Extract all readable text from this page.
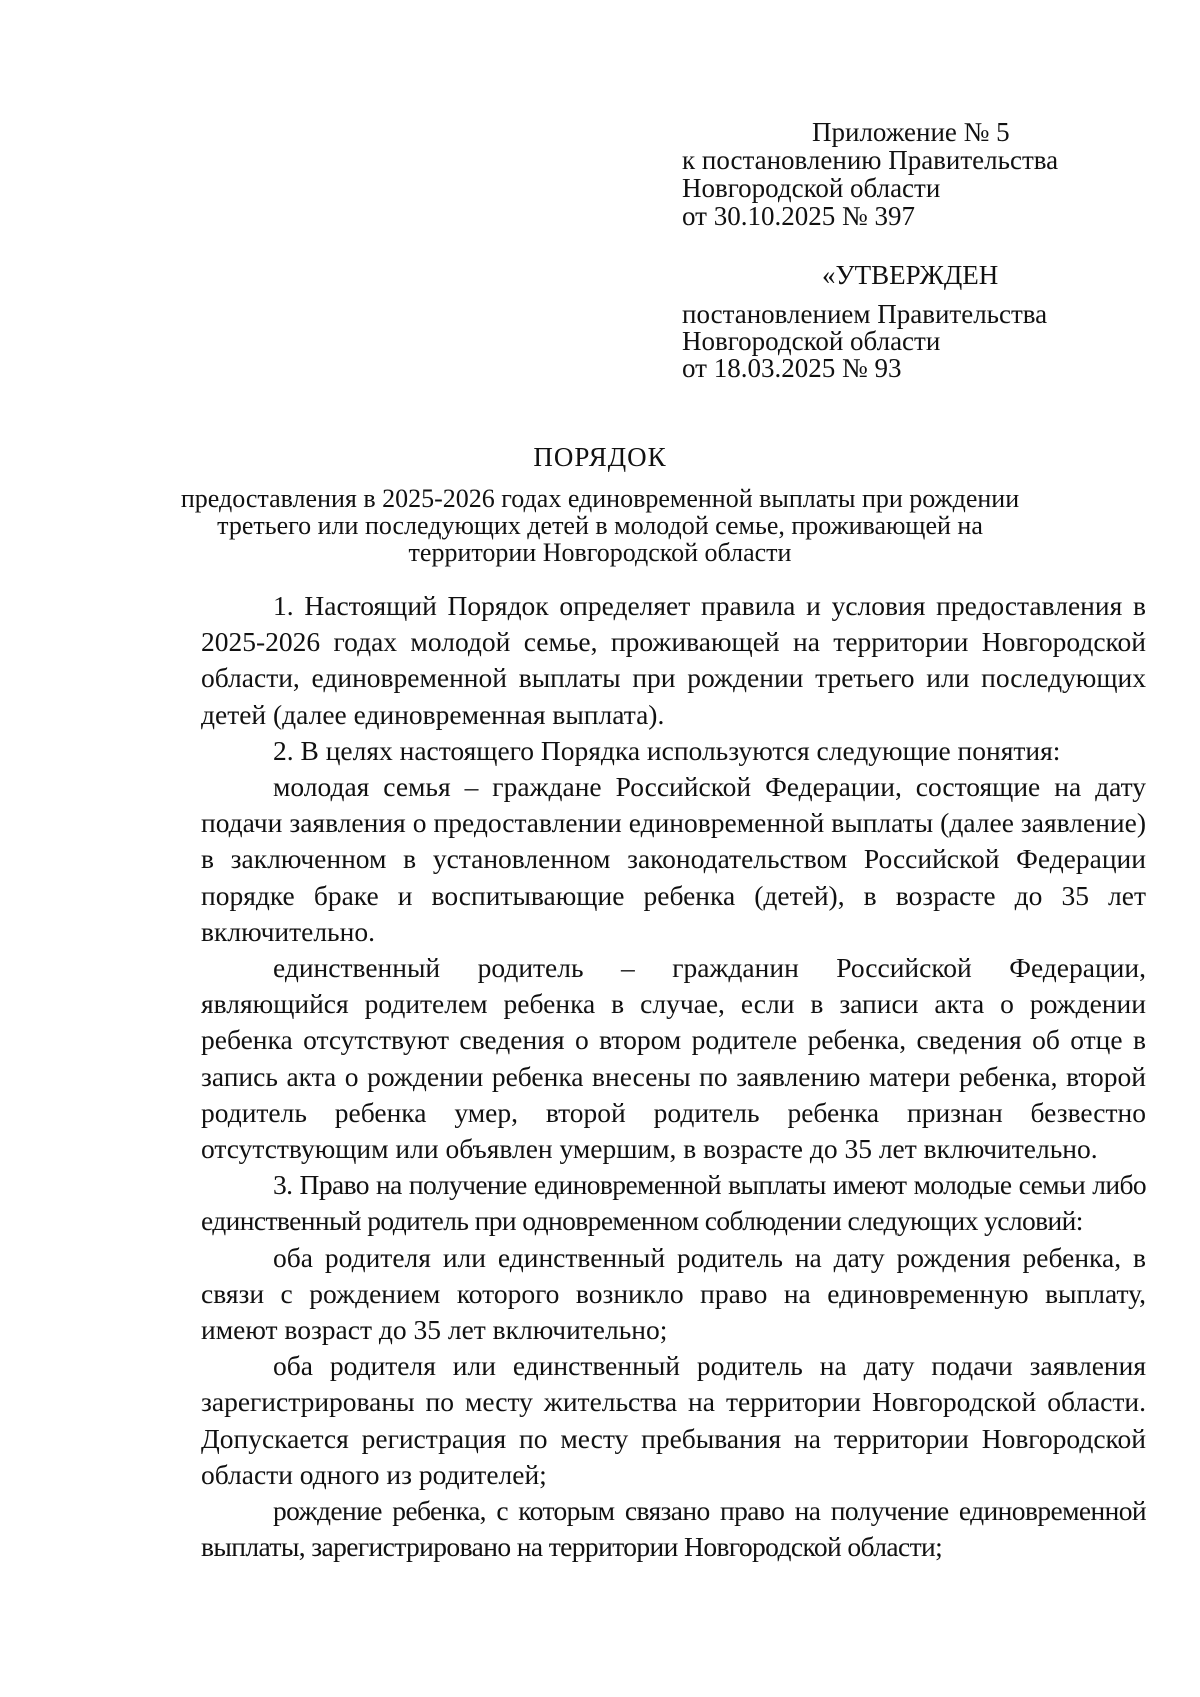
Приложение № 5
к постановлению Правительства
Новгородской области
от 30.10.2025 № 397
«УТВЕРЖДЕН
постановлением Правительства
Новгородской области
от 18.03.2025 № 93
ПОРЯДОК

предоставления в 2025-2026 годах единовременной выплаты при рождении
третьего или последующих детей в молодой семье, проживающей на
территории Новгородской области

1. Настоящий Порядок определяет правила и условия предоставления в 2025-2026 годах молодой семье, проживающей на территории Новгородской области, единовременной выплаты при рождении третьего или последующих детей (далее единовременная выплата).

2. В целях настоящего Порядка используются следующие понятия:

молодая семья – граждане Российской Федерации, состоящие на дату подачи заявления о предоставлении единовременной выплаты (далее заявление) в заключенном в установленном законодательством Российской Федерации порядке браке и воспитывающие ребенка (детей), в возрасте до 35 лет включительно.

единственный родитель – гражданин Российской Федерации, являющийся родителем ребенка в случае, если в записи акта о рождении ребенка отсутствуют сведения о втором родителе ребенка, сведения об отце в запись акта о рождении ребенка внесены по заявлению матери ребенка, второй родитель ребенка умер, второй родитель ребенка признан безвестно отсутствующим или объявлен умершим, в возрасте до 35 лет включительно.

3. Право на получение единовременной выплаты имеют молодые семьи либо единственный родитель при одновременном соблюдении следующих условий:

оба родителя или единственный родитель на дату рождения ребенка, в связи с рождением которого возникло право на единовременную выплату, имеют возраст до 35 лет включительно;

оба родителя или единственный родитель на дату подачи заявления зарегистрированы по месту жительства на территории Новгородской области. Допускается регистрация по месту пребывания на территории Новгородской области одного из родителей;

рождение ребенка, с которым связано право на получение единовременной выплаты, зарегистрировано на территории Новгородской области;
